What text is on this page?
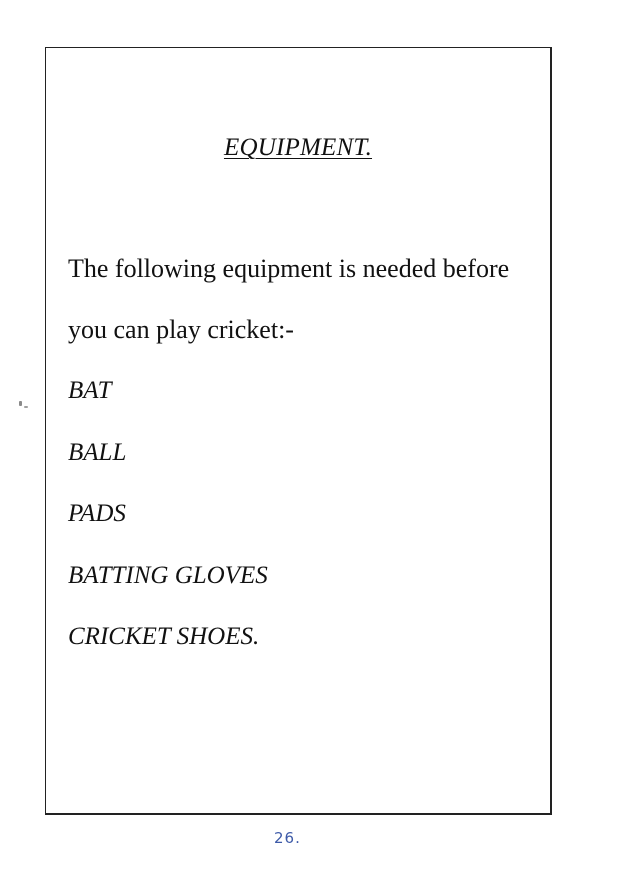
EQUIPMENT.
The following equipment is needed before
you can play cricket:-
BAT
BALL
PADS
BATTING GLOVES
CRICKET SHOES.
26.
